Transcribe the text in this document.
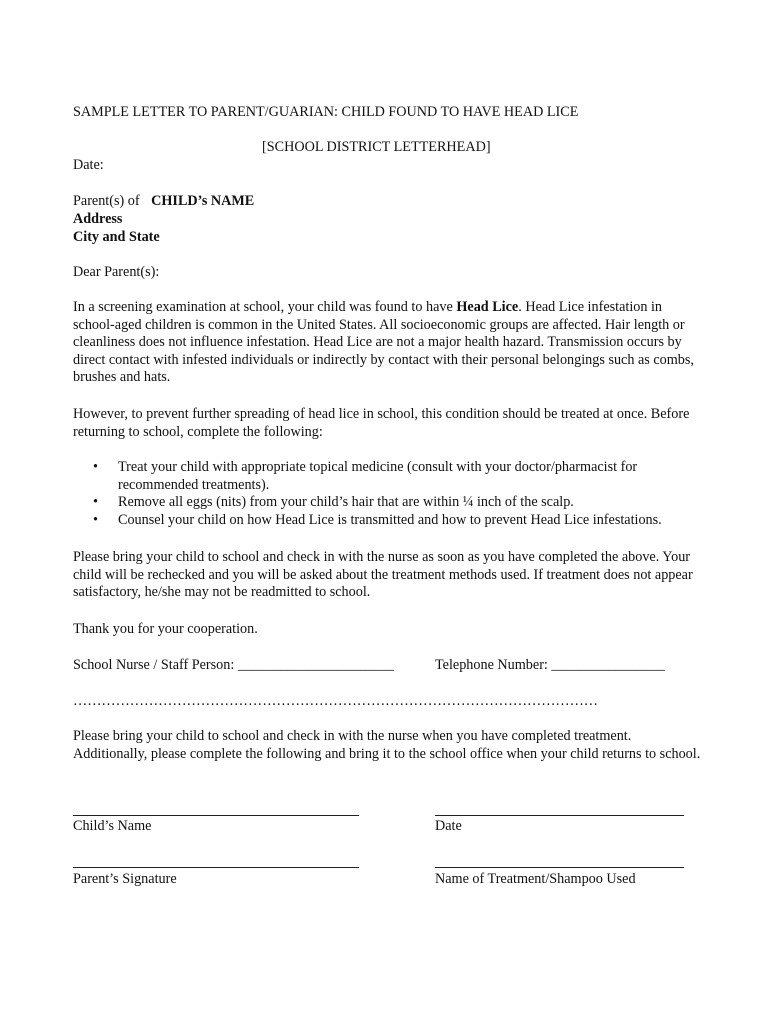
SAMPLE LETTER TO PARENT/GUARIAN: CHILD FOUND TO HAVE HEAD LICE
[SCHOOL DISTRICT LETTERHEAD]
Date:
Parent(s) of CHILD’s NAME
Address
City and State
Dear Parent(s):
In a screening examination at school, your child was found to have Head Lice. Head Lice infestation in school-aged children is common in the United States. All socioeconomic groups are affected. Hair length or cleanliness does not influence infestation. Head Lice are not a major health hazard. Transmission occurs by direct contact with infested individuals or indirectly by contact with their personal belongings such as combs, brushes and hats.
However, to prevent further spreading of head lice in school, this condition should be treated at once. Before returning to school, complete the following:
• Treat your child with appropriate topical medicine (consult with your doctor/pharmacist for recommended treatments).
• Remove all eggs (nits) from your child’s hair that are within ¼ inch of the scalp.
• Counsel your child on how Head Lice is transmitted and how to prevent Head Lice infestations.
Please bring your child to school and check in with the nurse as soon as you have completed the above. Your child will be rechecked and you will be asked about the treatment methods used. If treatment does not appear satisfactory, he/she may not be readmitted to school.
Thank you for your cooperation.
School Nurse / Staff Person: ______________________	Telephone Number: ________________
…………………………………………………………………………………………………
Please bring your child to school and check in with the nurse when you have completed treatment. Additionally, please complete the following and bring it to the school office when your child returns to school.
Child’s Name	Date
Parent’s Signature	Name of Treatment/Shampoo Used
